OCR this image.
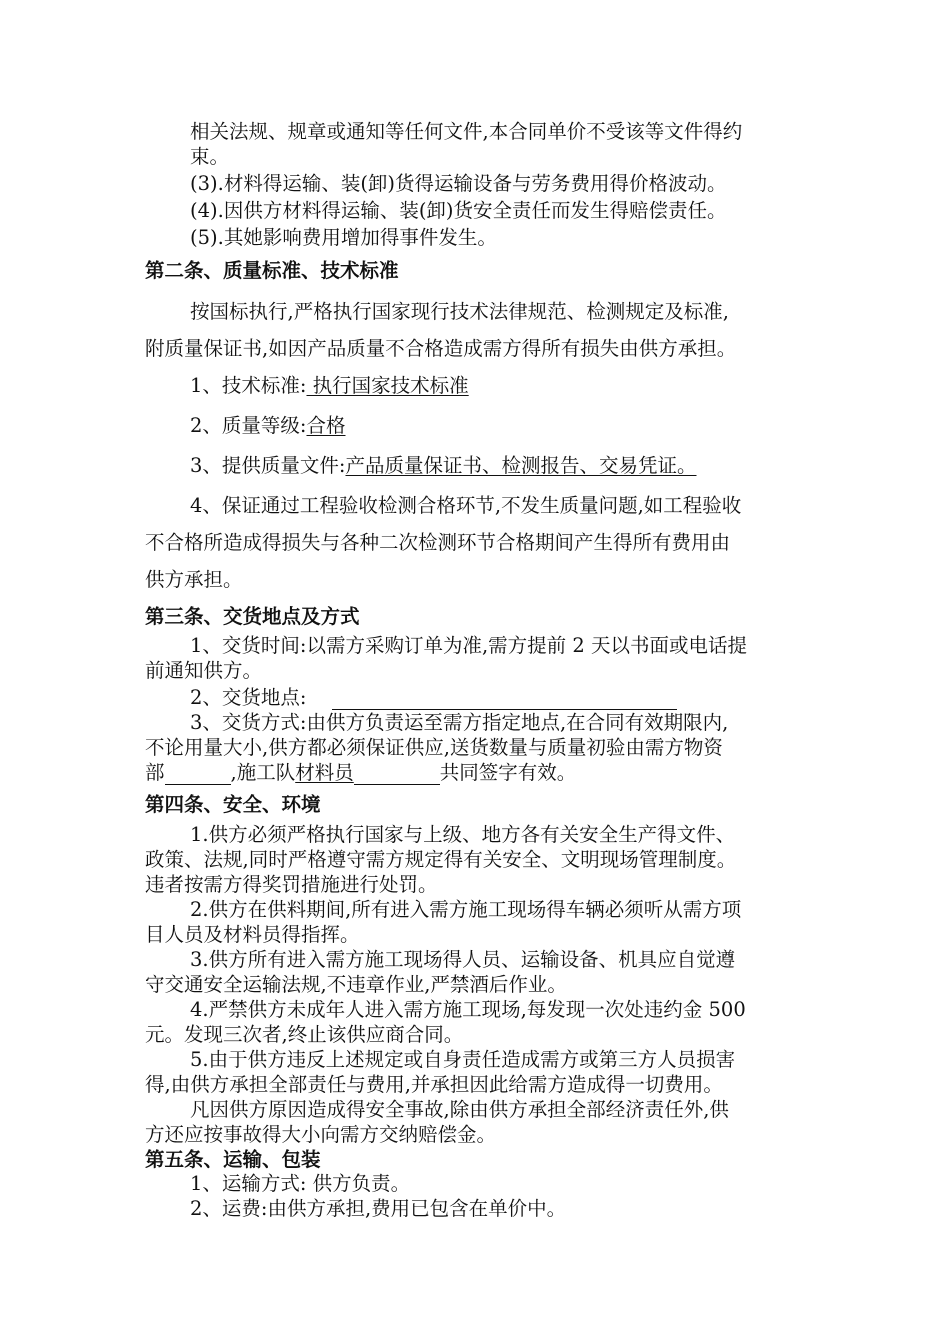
相关法规、规章或通知等任何文件,本合同单价不受该等文件得约
束。
(3).材料得运输、装(卸)货得运输设备与劳务费用得价格波动。
(4).因供方材料得运输、装(卸)货安全责任而发生得赔偿责任。
(5).其她影响费用增加得事件发生。
第二条、质量标准、技术标准
按国标执行,严格执行国家现行技术法律规范、检测规定及标准,
附质量保证书,如因产品质量不合格造成需方得所有损失由供方承担。
1、技术标准: 执行国家技术标准
2、质量等级:合格
3、提供质量文件:产品质量保证书、检测报告、交易凭证。
4、保证通过工程验收检测合格环节,不发生质量问题,如工程验收
不合格所造成得损失与各种二次检测环节合格期间产生得所有费用由
供方承担。
第三条、交货地点及方式
1、交货时间:以需方采购订单为准,需方提前 2 天以书面或电话提
前通知供方。
2、交货地点:
3、交货方式:由供方负责运至需方指定地点,在合同有效期限内,
不论用量大小,供方都必须保证供应,送货数量与质量初验由需方物资
部	,施工队材料员	共同签字有效。
第四条、安全、环境
1.供方必须严格执行国家与上级、地方各有关安全生产得文件、
政策、法规,同时严格遵守需方规定得有关安全、文明现场管理制度。
违者按需方得奖罚措施进行处罚。
2.供方在供料期间,所有进入需方施工现场得车辆必须听从需方项
目人员及材料员得指挥。
3.供方所有进入需方施工现场得人员、运输设备、机具应自觉遵
守交通安全运输法规,不违章作业,严禁酒后作业。
4.严禁供方未成年人进入需方施工现场,每发现一次处违约金 500
元。发现三次者,终止该供应商合同。
5.由于供方违反上述规定或自身责任造成需方或第三方人员损害
得,由供方承担全部责任与费用,并承担因此给需方造成得一切费用。
凡因供方原因造成得安全事故,除由供方承担全部经济责任外,供
方还应按事故得大小向需方交纳赔偿金。
第五条、运输、包装
1、运输方式: 供方负责。
2、运费:由供方承担,费用已包含在单价中。
